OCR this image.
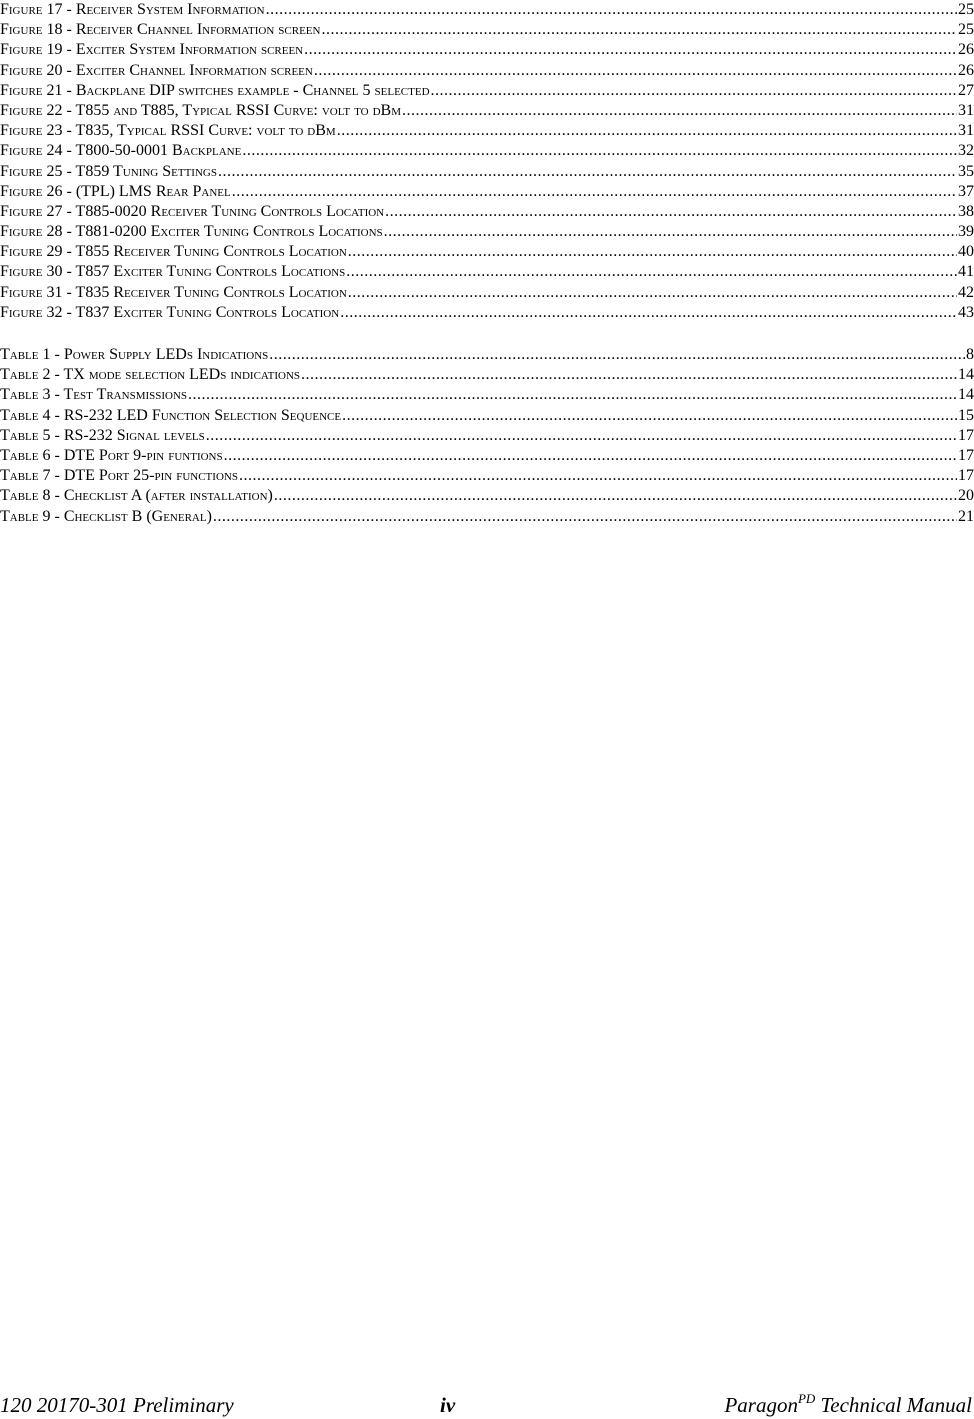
Figure 17 - Receiver System Information .....	25
Figure 18 - Receiver Channel Information screen .....	25
Figure 19 - Exciter System Information screen .....	26
Figure 20 - Exciter Channel Information screen .....	26
Figure 21 - Backplane DIP switches example - Channel 5 selected .....	27
Figure 22 - T855 and T885, Typical RSSI Curve: volt to dBm .....	31
Figure 23 - T835, Typical RSSI Curve: volt to dBm .....	31
Figure 24 - T800-50-0001 Backplane .....	32
Figure 25 - T859 Tuning Settings .....	35
Figure 26 - (TPL) LMS Rear Panel .....	37
Figure 27 - T885-0020 Receiver Tuning Controls Location .....	38
Figure 28 - T881-0200 Exciter Tuning Controls Locations .....	39
Figure 29 - T855 Receiver Tuning Controls Location .....	40
Figure 30 - T857 Exciter Tuning Controls Locations .....	41
Figure 31 - T835 Receiver Tuning Controls Location .....	42
Figure 32 - T837 Exciter Tuning Controls Location .....	43
Table 1 - Power Supply LEDs Indications .....	8
Table 2 - TX mode selection LEDs indications .....	14
Table 3 - Test Transmissions .....	14
Table 4 - RS-232 LED Function Selection Sequence .....	15
Table 5 - RS-232 Signal levels .....	17
Table 6 - DTE Port 9-pin funtions .....	17
Table 7 - DTE Port 25-pin functions .....	17
Table 8 - Checklist A (after installation) .....	20
Table 9 - Checklist B (General) .....	21
120 20170-301 Preliminary	iv	Paragon$^{PD}$ Technical Manual
